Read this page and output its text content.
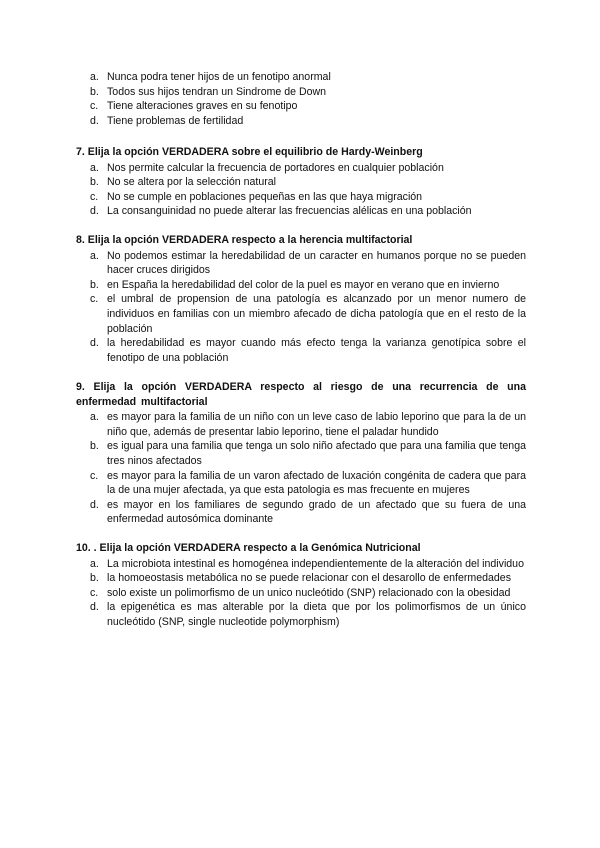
a. Nunca podra tener hijos de un fenotipo anormal
b. Todos sus hijos tendran un Sindrome de Down
c. Tiene alteraciones graves en su fenotipo
d. Tiene problemas de fertilidad
7. Elija la opción VERDADERA sobre el equilibrio de Hardy-Weinberg
a. Nos permite calcular la frecuencia de portadores en cualquier población
b. No se altera por la selección natural
c. No se cumple en poblaciones pequeñas en las que haya migración
d. La consanguinidad no puede alterar las frecuencias alélicas en una población
8. Elija la opción VERDADERA respecto a la herencia multifactorial
a. No podemos estimar la heredabilidad de un caracter en humanos porque no se pueden hacer cruces dirigidos
b. en España la heredabilidad del color de la puel es mayor en verano que en invierno
c. el umbral de propension de una patología es alcanzado por un menor numero de individuos en familias con un miembro afecado de dicha patología que en el resto de la población
d. la heredabilidad es mayor cuando más efecto tenga la varianza genotípica sobre el fenotipo de una población
9. Elija la opción VERDADERA respecto al riesgo de una recurrencia de una enfermedad multifactorial
a. es mayor para la familia de un niño con un leve caso de labio leporino que para la de un niño que, además de presentar labio leporino, tiene el paladar hundido
b. es igual para una familia que tenga un solo niño afectado que para una familia que tenga tres ninos afectados
c. es mayor para la familia de un varon afectado de luxación congénita de cadera que para la de una mujer afectada, ya que esta patologia es mas frecuente en mujeres
d. es mayor en los familiares de segundo grado de un afectado que su fuera de una enfermedad autosómica dominante
10. . Elija la opción VERDADERA respecto a la Genómica Nutricional
a. La microbiota intestinal es homogénea independientemente de la alteración del individuo
b. la homoeostasis metabólica no se puede relacionar con el desarollo de enfermedades
c. solo existe un polimorfismo de un unico nucleótido (SNP) relacionado con la obesidad
d. la epigenética es mas alterable por la dieta que por los polimorfismos de un único nucleótido (SNP, single nucleotide polymorphism)
